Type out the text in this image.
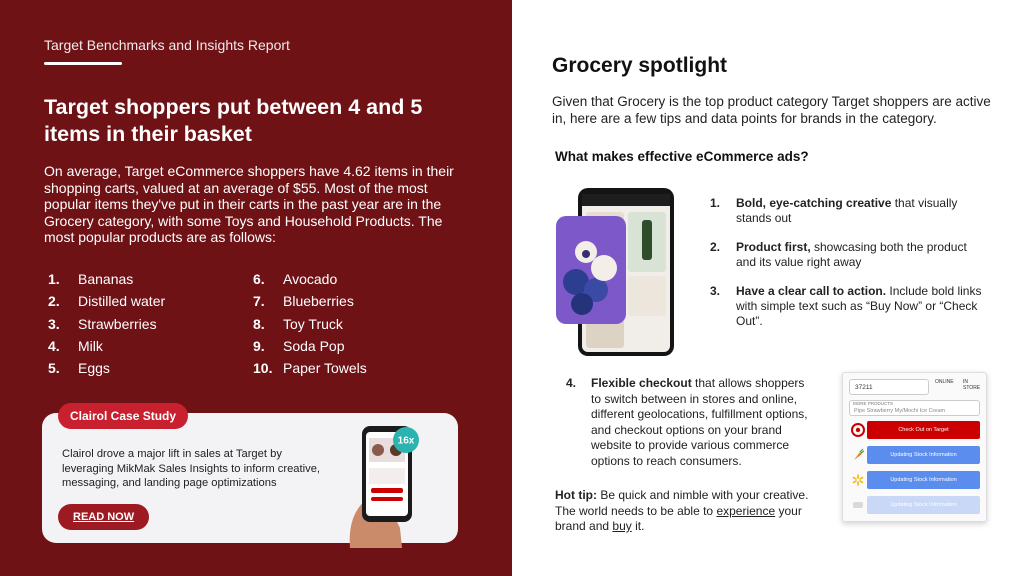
Target Benchmarks and Insights Report
Target shoppers put between 4 and 5 items in their basket

On average, Target eCommerce shoppers have 4.62 items in their shopping carts, valued at an average of $55. Most of the most popular items they've put in their carts in the past year are in the Grocery category, with some Toys and Household Products. The most popular products are as follows:

1.	Bananas
2.	Distilled water
3.	Strawberries
4.	Milk
5.	Eggs
6.	Avocado
7.	Blueberries
8.	Toy Truck
9.	Soda Pop
10. Paper Towels
Clairol Case Study

Clairol drove a major lift in sales at Target by leveraging MikMak Sales Insights to inform creative, messaging, and landing page optimizations

READ NOW
16x
Grocery spotlight

Given that Grocery is the top product category Target shoppers are active in, here are a few tips and data points for brands in the category.

What makes effective eCommerce ads?
1.	Bold, eye-catching creative that visually stands out
2.	Product first, showcasing both the product and its value right away
3.	Have a clear call to action. Include bold links with simple text such as “Buy Now” or “Check Out”.
4.	Flexible checkout that allows shoppers to switch between in stores and online, different geolocations, fulfillment options, and checkout options on your brand website to provide various commerce options to reach consumers.

Hot tip: Be quick and nimble with your creative. The world needs to be able to experience your brand and buy it.

37211
ONLINE IN STORE
Pipe Strawberry My/Mochi Ice Cream
MORE PRODUCTS
Check Out on Target
Updating Stock Information
Updating Stock Information
Updating Stock Information
